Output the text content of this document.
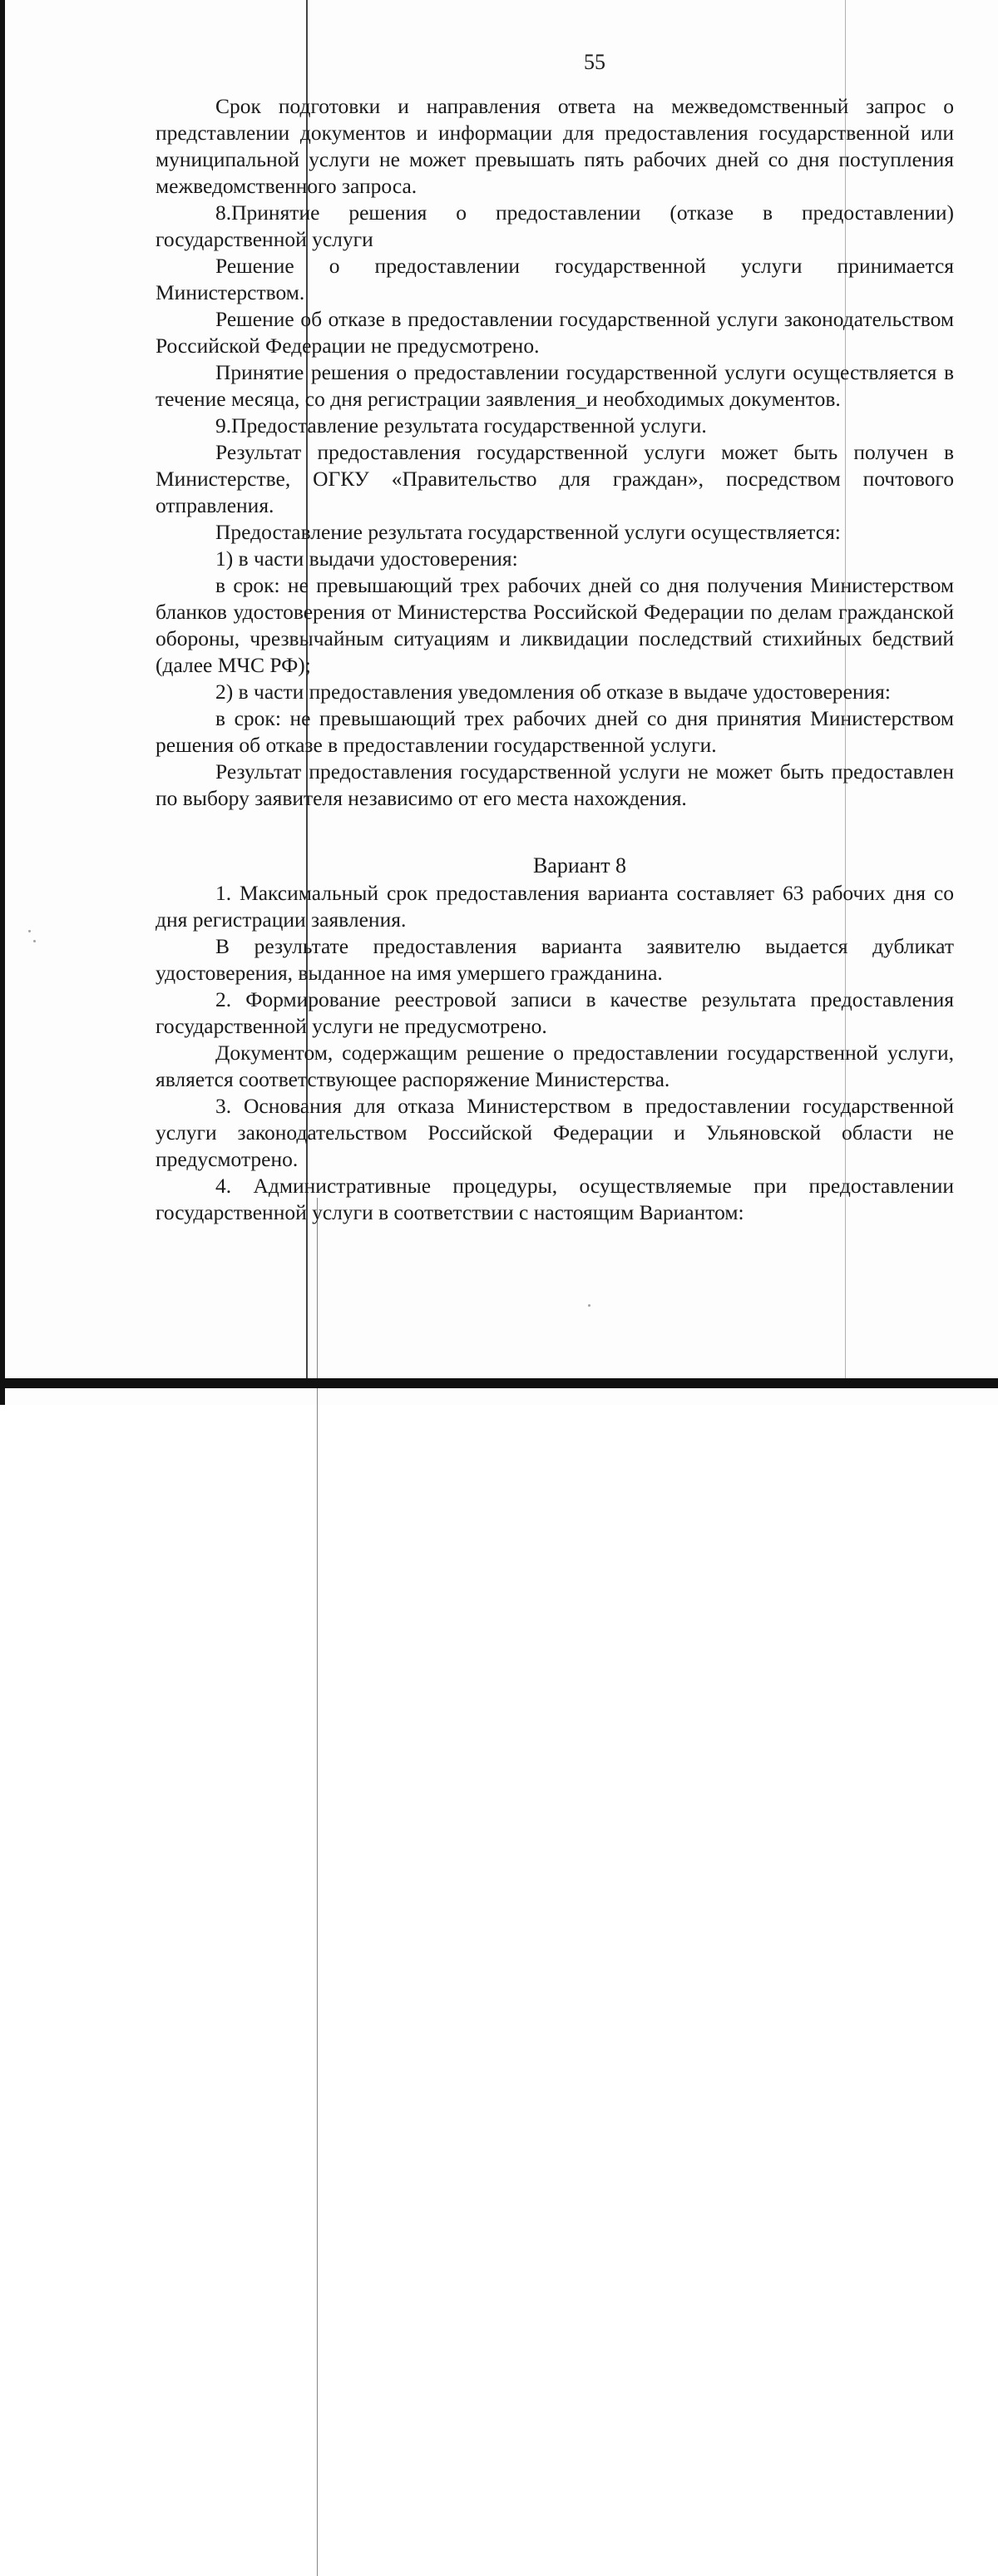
55

Срок подготовки и направления ответа на межведомственный запрос о представлении документов и информации для предоставления государственной или муниципальной услуги не может превышать пять рабочих дней со дня поступления межведомственного запроса.

8.Принятие решения о предоставлении (отказе в предоставлении) государственной услуги

Решение о предоставлении государственной услуги принимается Министерством.

Решение об отказе в предоставлении государственной услуги законодательством Российской Федерации не предусмотрено.

Принятие решения о предоставлении государственной услуги осуществляется в течение месяца, со дня регистрации заявления_и необходимых документов.

9.Предоставление результата государственной услуги.

Результат предоставления государственной услуги может быть получен в Министерстве, ОГКУ «Правительство для граждан», посредством почтового отправления.

Предоставление результата государственной услуги осуществляется:

1) в части выдачи удостоверения:

в срок: не превышающий трех рабочих дней со дня получения Министерством бланков удостоверения от Министерства Российской Федерации по делам гражданской обороны, чрезвычайным ситуациям и ликвидации последствий стихийных бедствий (далее МЧС РФ);

2) в части предоставления уведомления об отказе в выдаче удостоверения:

в срок: не превышающий трех рабочих дней со дня принятия Министерством решения об отказе в предоставлении государственной услуги.

Результат предоставления государственной услуги не может быть предоставлен по выбору заявителя независимо от его места нахождения.

Вариант 8

1. Максимальный срок предоставления варианта составляет 63 рабочих дня со дня регистрации заявления.

В результате предоставления варианта заявителю выдается дубликат удостоверения, выданное на имя умершего гражданина.

2. Формирование реестровой записи в качестве результата предоставления государственной услуги не предусмотрено.

Документом, содержащим решение о предоставлении государственной услуги, является соответствующее распоряжение Министерства.

3. Основания для отказа Министерством в предоставлении государственной услуги законодательством Российской Федерации и Ульяновской области не предусмотрено.

4. Административные процедуры, осуществляемые при предоставлении государственной услуги в соответствии с настоящим Вариантом:
